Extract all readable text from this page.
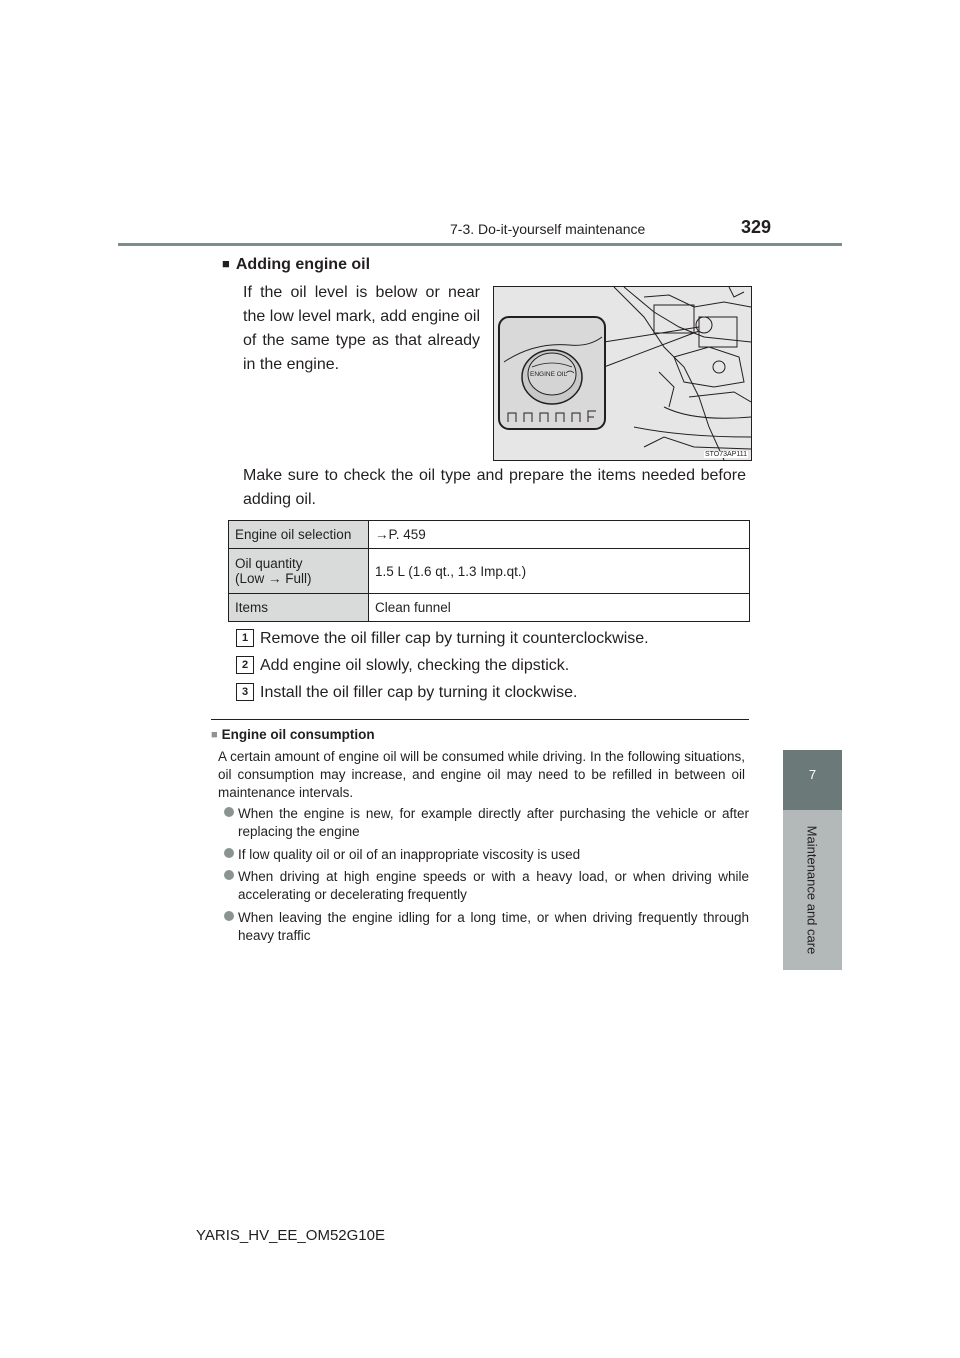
7-3. Do-it-yourself maintenance	329
7
Maintenance and care
■ Adding engine oil
If the oil level is below or near the low level mark, add engine oil of the same type as that already in the engine.
ENGINE OIL
STO73AP111
Make sure to check the oil type and prepare the items needed before adding oil.
Engine oil selection	→P. 459

Oil quantity
(Low → Full)	1.5 L (1.6 qt., 1.3 Imp.qt.)
Items	Clean funnel
1 Remove the oil filler cap by turning it counterclockwise.
2 Add engine oil slowly, checking the dipstick.
3 Install the oil filler cap by turning it clockwise.
■ Engine oil consumption
A certain amount of engine oil will be consumed while driving. In the following situations, oil consumption may increase, and engine oil may need to be refilled in between oil maintenance intervals.
When the engine is new, for example directly after purchasing the vehicle or after replacing the engine
If low quality oil or oil of an inappropriate viscosity is used
When driving at high engine speeds or with a heavy load, or when driving while accelerating or decelerating frequently
When leaving the engine idling for a long time, or when driving frequently through heavy traffic
YARIS_HV_EE_OM52G10E
